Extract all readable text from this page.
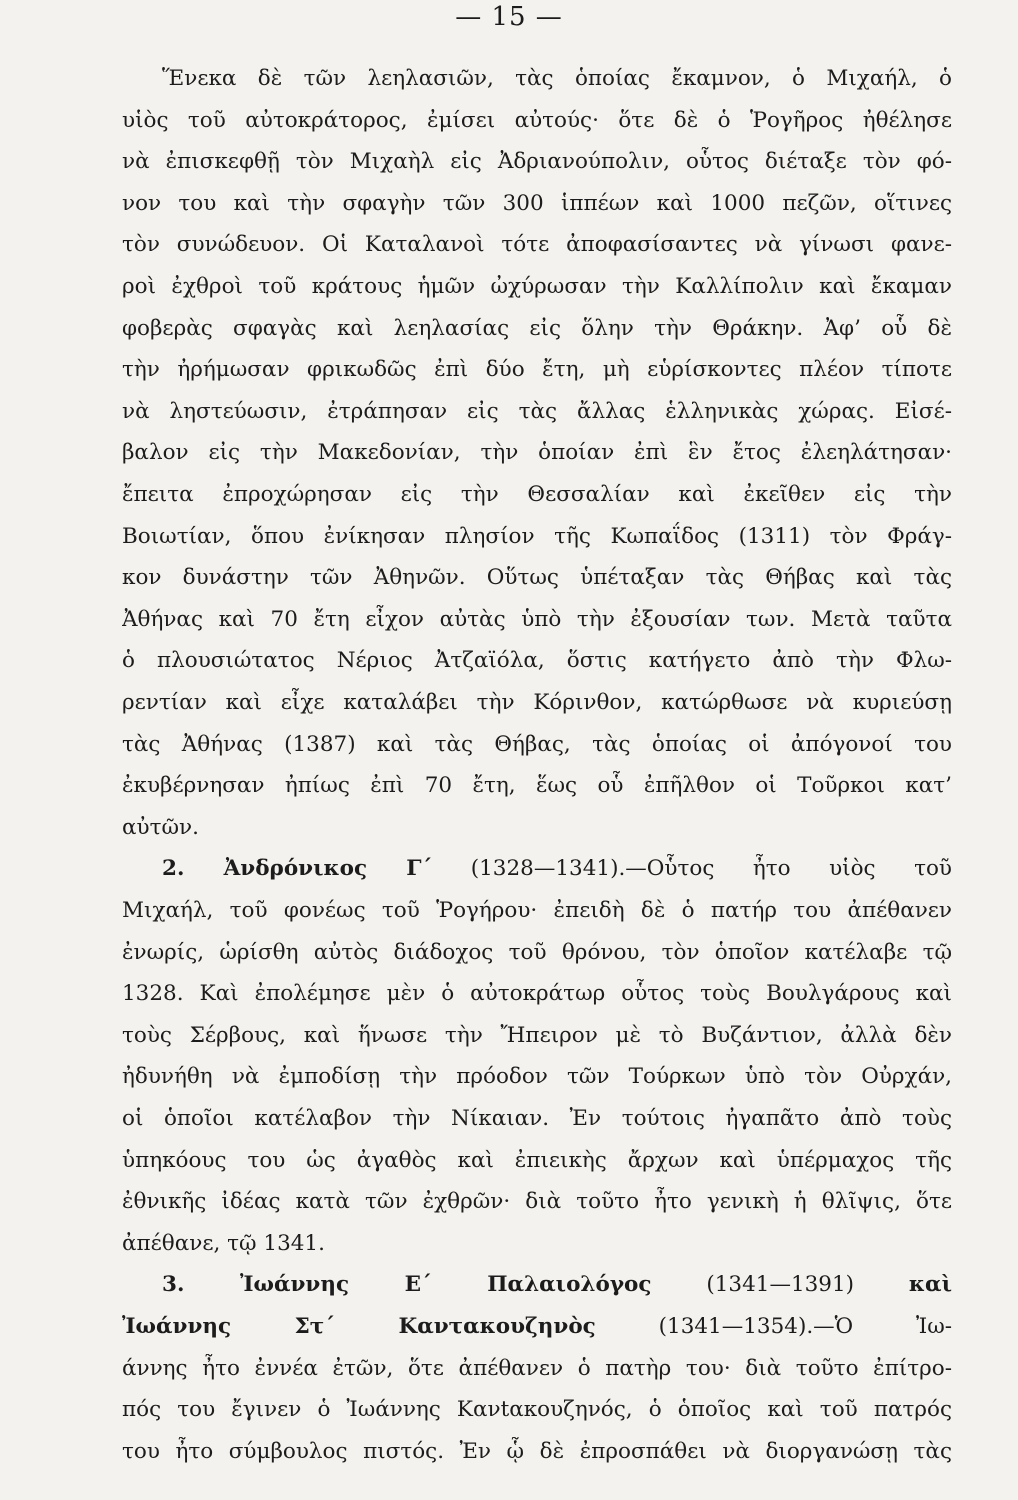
— 15 —
Ἕνεκα δὲ τῶν λεηλασιῶν, τὰς ὁποίας ἔκαμνον, ὁ Μιχαήλ, ὁ
υἱὸς τοῦ αὐτοκράτορος, ἐμίσει αὐτούς· ὅτε δὲ ὁ Ῥογῆρος ἠθέλησε
νὰ ἐπισκεφθῇ τὸν Μιχαὴλ εἰς Ἀδριανούπολιν, οὗτος διέταξε τὸν φό-
νον του καὶ τὴν σφαγὴν τῶν 300 ἱππέων καὶ 1000 πεζῶν, οἵτινες
τὸν συνώδευον. Οἱ Καταλανοὶ τότε ἀποφασίσαντες νὰ γίνωσι φανε-
ροὶ ἐχθροὶ τοῦ κράτους ἡμῶν ὠχύρωσαν τὴν Καλλίπολιν καὶ ἔκαμαν
φοβερὰς σφαγὰς καὶ λεηλασίας εἰς ὅλην τὴν Θράκην. Ἀφ’ οὗ δὲ
τὴν ἠρήμωσαν φρικωδῶς ἐπὶ δύο ἔτη, μὴ εὑρίσκοντες πλέον τίποτε
νὰ ληστεύωσιν, ἐτράπησαν εἰς τὰς ἄλλας ἑλληνικὰς χώρας. Εἰσέ-
βαλον εἰς τὴν Μακεδονίαν, τὴν ὁποίαν ἐπὶ ἓν ἔτος ἐλεηλάτησαν·
ἔπειτα ἐπροχώρησαν εἰς τὴν Θεσσαλίαν καὶ ἐκεῖθεν εἰς τὴν
Βοιωτίαν, ὅπου ἐνίκησαν πλησίον τῆς Κωπαΐδος (1311) τὸν Φράγ-
κον δυνάστην τῶν Ἀθηνῶν. Οὕτως ὑπέταξαν τὰς Θήβας καὶ τὰς
Ἀθήνας καὶ 70 ἔτη εἶχον αὐτὰς ὑπὸ τὴν ἐξουσίαν των. Μετὰ ταῦτα
ὁ πλουσιώτατος Νέριος Ἀτζαϊόλα, ὅστις κατήγετο ἀπὸ τὴν Φλω-
ρεντίαν καὶ εἶχε καταλάβει τὴν Κόρινθον, κατώρθωσε νὰ κυριεύσῃ
τὰς Ἀθήνας (1387) καὶ τὰς Θήβας, τὰς ὁποίας οἱ ἀπόγονοί του
ἐκυβέρνησαν ἠπίως ἐπὶ 70 ἔτη, ἕως οὗ ἐπῆλθον οἱ Τοῦρκοι κατ’
αὐτῶν.
2. Ἀνδρόνικος Γ΄ (1328—1341).—Οὗτος ἦτο υἱὸς τοῦ
Μιχαήλ, τοῦ φονέως τοῦ Ῥογήρου· ἐπειδὴ δὲ ὁ πατήρ του ἀπέθανεν
ἐνωρίς, ὡρίσθη αὐτὸς διάδοχος τοῦ θρόνου, τὸν ὁποῖον κατέλαβε τῷ
1328. Καὶ ἐπολέμησε μὲν ὁ αὐτοκράτωρ οὗτος τοὺς Βουλγάρους καὶ
τοὺς Σέρβους, καὶ ἥνωσε τὴν Ἤπειρον μὲ τὸ Βυζάντιον, ἀλλὰ δὲν
ἠδυνήθη νὰ ἐμποδίσῃ τὴν πρόοδον τῶν Τούρκων ὑπὸ τὸν Οὐρχάν,
οἱ ὁποῖοι κατέλαβον τὴν Νίκαιαν. Ἐν τούτοις ἠγαπᾶτο ἀπὸ τοὺς
ὑπηκόους του ὡς ἀγαθὸς καὶ ἐπιεικὴς ἄρχων καὶ ὑπέρμαχος τῆς
ἐθνικῆς ἰδέας κατὰ τῶν ἐχθρῶν· διὰ τοῦτο ἦτο γενικὴ ἡ θλῖψις, ὅτε
ἀπέθανε, τῷ 1341.
3. Ἰωάννης Ε΄ Παλαιολόγος (1341—1391) καὶ
Ἰωάννης Στ΄ Καντακουζηνὸς (1341—1354).—Ὁ Ἰω-
άννης ἦτο ἐννέα ἐτῶν, ὅτε ἀπέθανεν ὁ πατὴρ του· διὰ τοῦτο ἐπίτρο-
πός του ἔγινεν ὁ Ἰωάννης Κανtακουζηνός, ὁ ὁποῖος καὶ τοῦ πατρός
του ἦτο σύμβουλος πιστός. Ἐν ᾧ δὲ ἐπροσπάθει νὰ διοργανώσῃ τὰς
